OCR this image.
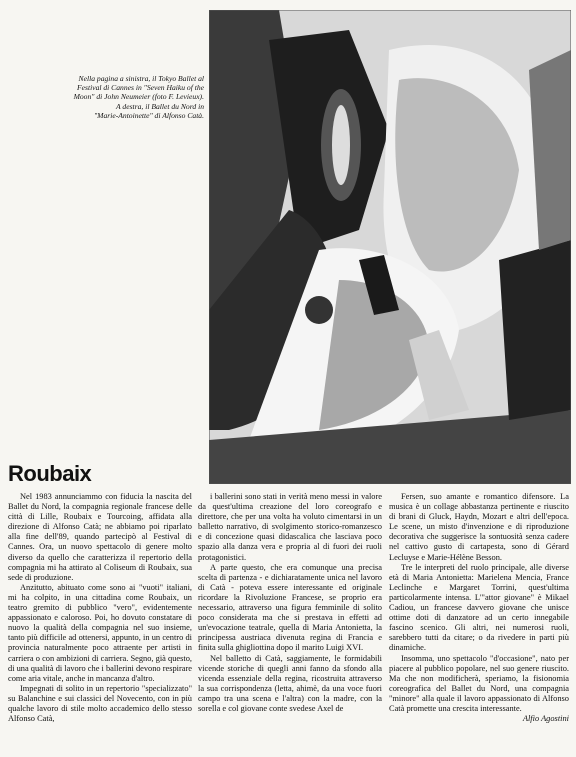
Nella pagina a sinistra, il Tokyo Ballet al
Festival di Cannes in "Seven Haiku of the
Moon" di John Neumeier (foto F. Levieux).
A destra, il Ballet du Nord in
"Marie-Antoinette" di Alfonso Catà.
Roubaix

Nel 1983 annunciammo con fiducia la nascita del Ballet du Nord, la compagnia regionale francese delle città di Lille, Roubaix e Tourcoing, affidata alla direzione di Alfonso Catà; ne abbiamo poi riparlato alla fine dell'89, quando partecipò al Festival di Cannes. Ora, un nuovo spettacolo di genere molto diverso da quello che caratterizza il repertorio della compagnia mi ha attirato al Coliseum di Roubaix, sua sede di produzione.

Anzitutto, abituato come sono ai "vuoti" italiani, mi ha colpito, in una cittadina come Roubaix, un teatro gremito di pubblico "vero", evidentemente appassionato e caloroso. Poi, ho dovuto constatare di nuovo la qualità della compagnia nel suo insieme, tanto più difficile ad ottenersi, appunto, in un centro di provincia naturalmente poco attraente per artisti in carriera o con ambizioni di carriera. Segno, già questo, di una qualità di lavoro che i ballerini devono respirare come aria vitale, anche in mancanza d'altro.

Impegnati di solito in un repertorio "specializzato" su Balanchine e sui classici del Novecento, con in più qualche lavoro di stile molto accademico dello stesso Alfonso Catà,

i ballerini sono stati in verità meno messi in valore da quest'ultima creazione del loro coreografo e direttore, che per una volta ha voluto cimentarsi in un balletto narrativo, di svolgimento storico-romanzesco e di concezione quasi didascalica che lasciava poco spazio alla danza vera e propria al di fuori dei ruoli protagonistici.

A parte questo, che era comunque una precisa scelta di partenza - e dichiaratamente unica nel lavoro di Catà - poteva essere interessante ed originale ricordare la Rivoluzione Francese, se proprio era necessario, attraverso una figura femminile di solito poco considerata ma che si prestava in effetti ad un'evocazione teatrale, quella di Maria Antonietta, la principessa austriaca divenuta regina di Francia e finita sulla ghigliottina dopo il marito Luigi XVI.

Nel balletto di Catà, saggiamente, le formidabili vicende storiche di quegli anni fanno da sfondo alla vicenda essenziale della regina, ricostruita attraverso la sua corrispondenza (letta, ahimè, da una voce fuori campo tra una scena e l'altra) con la madre, con la sorella e col giovane conte svedese Axel de

Fersen, suo amante e romantico difensore. La musica è un collage abbastanza pertinente e riuscito di brani di Gluck, Haydn, Mozart e altri dell'epoca. Le scene, un misto d'invenzione e di riproduzione decorativa che suggerisce la sontuosità senza cadere nel cattivo gusto di cartapesta, sono di Gérard Lecluyse e Marie-Hélène Besson.

Tre le interpreti del ruolo principale, alle diverse età di Maria Antonietta: Marielena Mencia, France Leclinche e Margaret Torrini, quest'ultima particolarmente intensa. L'"attor giovane" è Mikael Cadiou, un francese davvero giovane che unisce ottime doti di danzatore ad un certo innegabile fascino scenico. Gli altri, nei numerosi ruoli, sarebbero tutti da citare; o da rivedere in parti più dinamiche.

Insomma, uno spettacolo "d'occasione", nato per piacere al pubblico popolare, nel suo genere riuscito. Ma che non modificherà, speriamo, la fisionomia coreografica del Ballet du Nord, una compagnia "minore" alla quale il lavoro appassionato di Alfonso Catà promette una crescita interessante.

Alfio Agostini
